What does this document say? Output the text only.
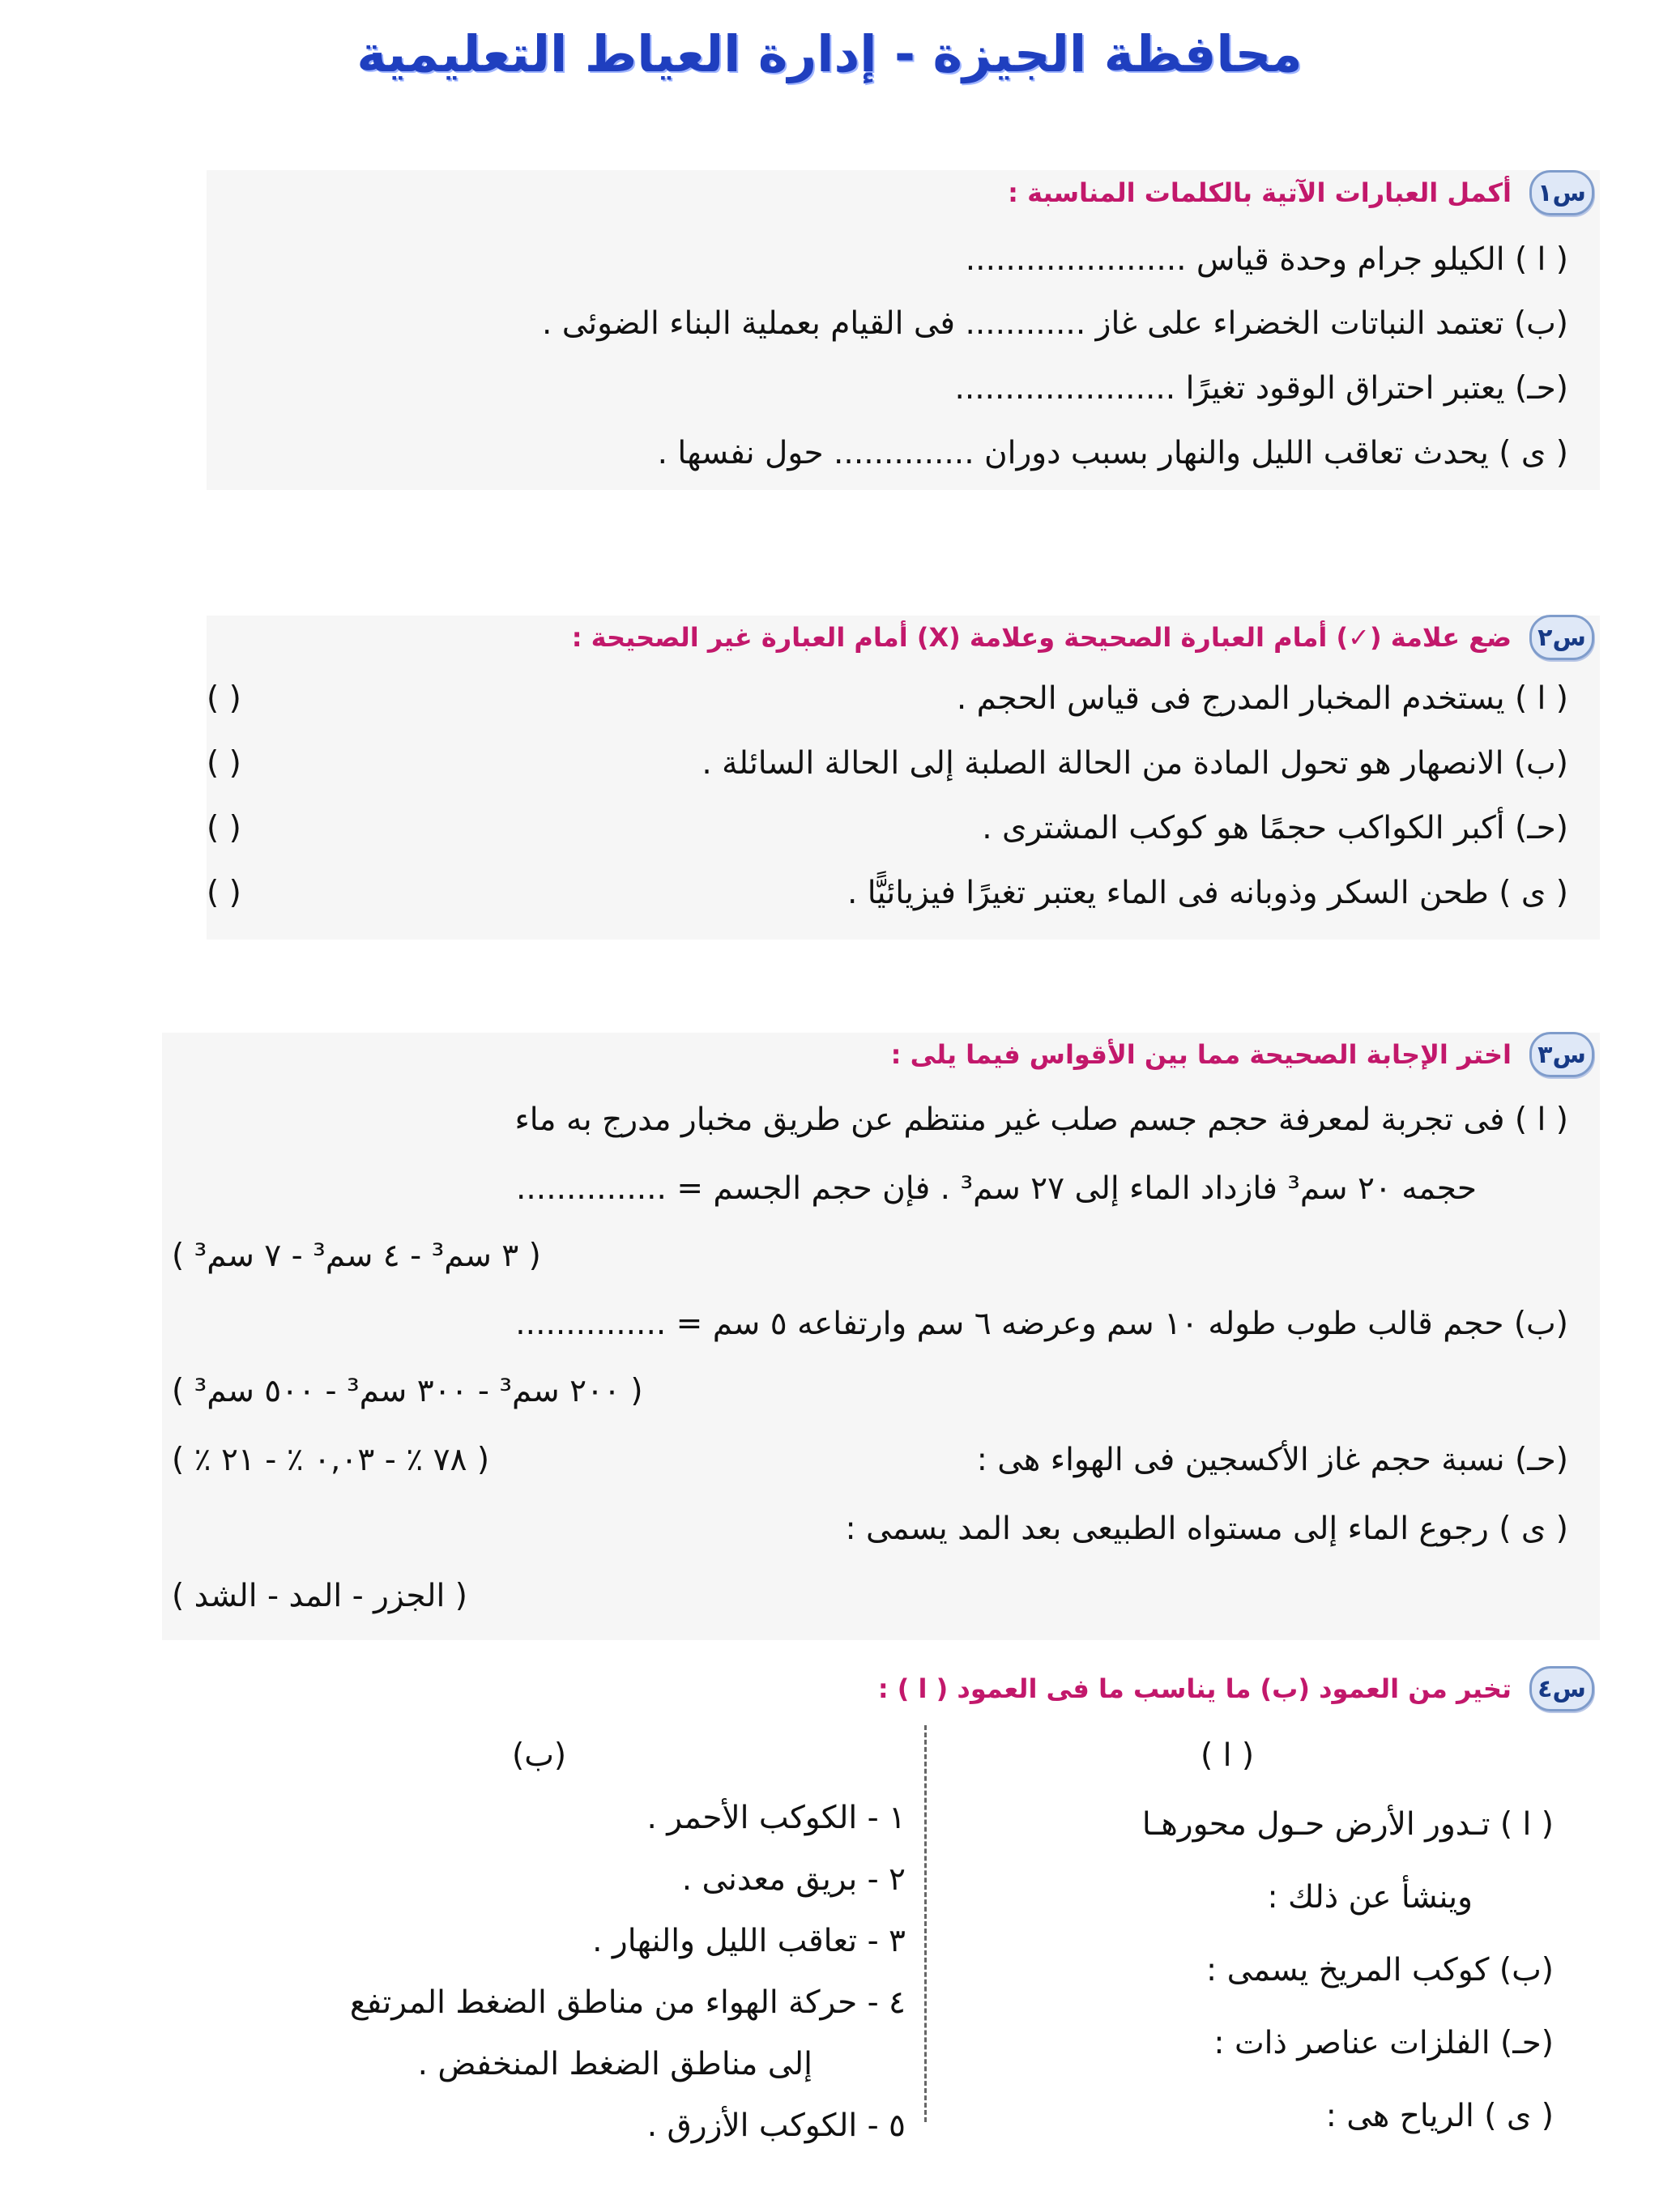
محافظة الجيزة - إدارة العياط التعليمية
س١
أكمل العبارات الآتية بالكلمات المناسبة :
( ا ) الكيلو جرام وحدة قياس ......................
(ب) تعتمد النباتات الخضراء على غاز ............ فى القيام بعملية البناء الضوئى .
(حـ) يعتبر احتراق الوقود تغيرًا ......................
( ى ) يحدث تعاقب الليل والنهار بسبب دوران .............. حول نفسها .
س٢
ضع علامة (✓) أمام العبارة الصحيحة وعلامة (X) أمام العبارة غير الصحيحة :
( ا ) يستخدم المخبار المدرج فى قياس الحجم .
(ب) الانصهار هو تحول المادة من الحالة الصلبة إلى الحالة السائلة .
(حـ) أكبر الكواكب حجمًا هو كوكب المشترى .
( ى ) طحن السكر وذوبانه فى الماء يعتبر تغيرًا فيزيائيًّا .
( )
( )
( )
( )
س٣
اختر الإجابة الصحيحة مما بين الأقواس فيما يلى :
( ا ) فى تجربة لمعرفة حجم جسم صلب غير منتظم عن طريق مخبار مدرج به ماء
حجمه ٢٠ سم³ فازداد الماء إلى ٢٧ سم³ . فإن حجم الجسم = ...............
( ٣ سم³ - ٤ سم³ - ٧ سم³ )
(ب) حجم قالب طوب طوله ١٠ سم وعرضه ٦ سم وارتفاعه ٥ سم = ...............
( ٢٠٠ سم³ - ٣٠٠ سم³ - ٥٠٠ سم³ )
(حـ) نسبة حجم غاز الأكسجين فى الهواء هى :
( ٧٨ ٪ - ٠,٠٣ ٪ - ٢١ ٪ )
( ى ) رجوع الماء إلى مستواه الطبيعى بعد المد يسمى :
( الجزر - المد - الشد )
س٤
تخير من العمود (ب) ما يناسب ما فى العمود ( ا ) :
( ا )
(ب)
( ا ) تـدور الأرض حـول محورهـا
وينشأ عن ذلك :
(ب) كوكب المريخ يسمى :
(حـ) الفلزات عناصر ذات :
( ى ) الرياح هى :
١ - الكوكب الأحمر .
٢ - بريق معدنى .
٣ - تعاقب الليل والنهار .
٤ - حركة الهواء من مناطق الضغط المرتفع
إلى مناطق الضغط المنخفض .
٥ - الكوكب الأزرق .
